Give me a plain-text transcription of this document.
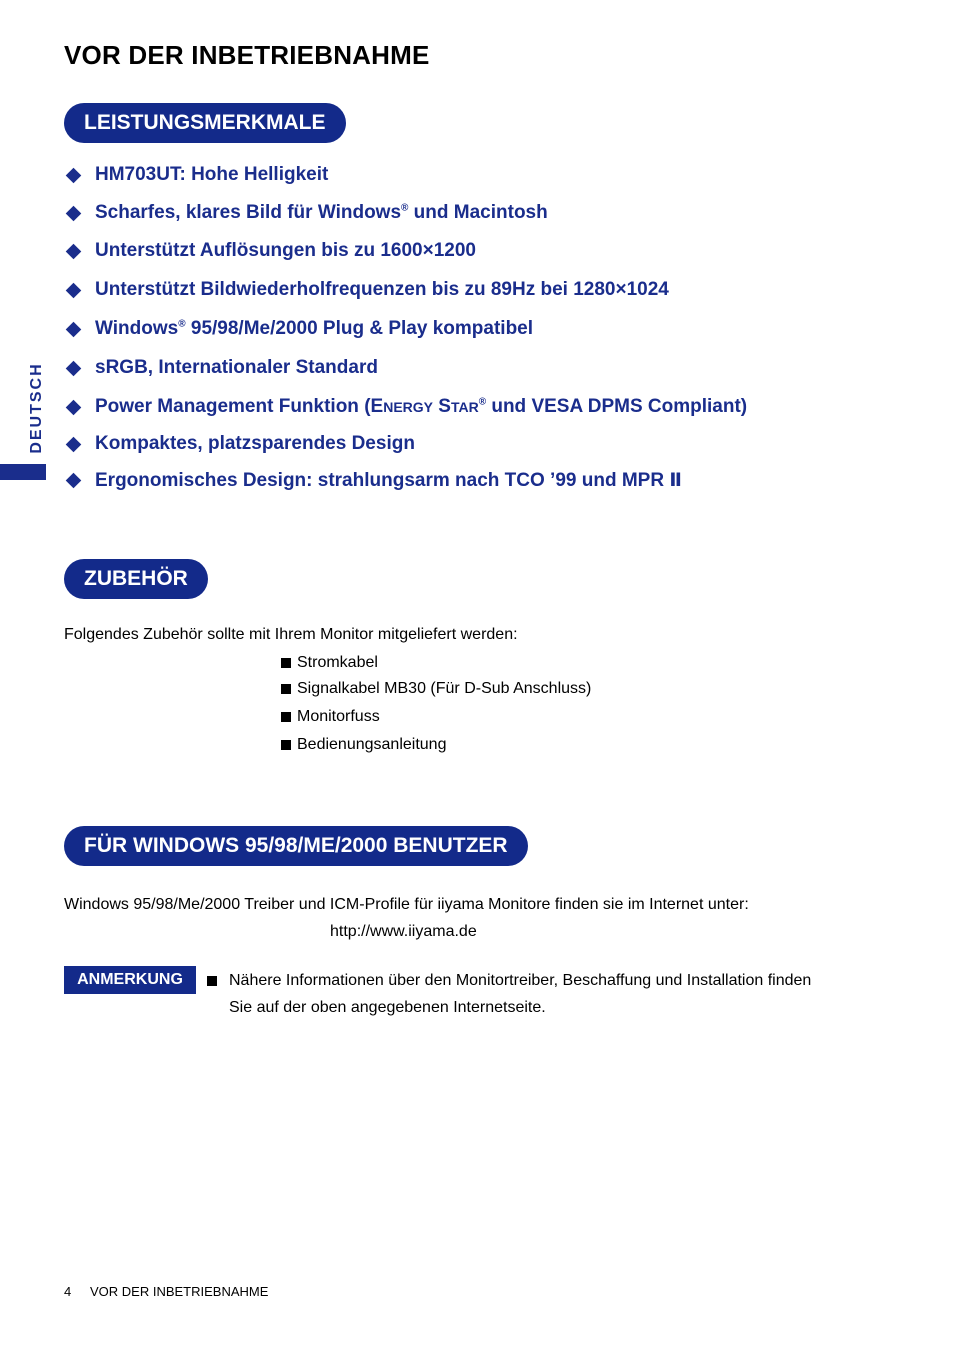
VOR DER INBETRIEBNAHME
LEISTUNGSMERKMALE
HM703UT: Hohe Helligkeit
Scharfes, klares Bild für Windows® und Macintosh
Unterstützt Auflösungen bis zu 1600×1200
Unterstützt Bildwiederholfrequenzen bis zu 89Hz bei 1280×1024
Windows® 95/98/Me/2000 Plug & Play kompatibel
sRGB, Internationaler Standard
Power Management Funktion (ENERGY STAR® und VESA DPMS Compliant)
Kompaktes, platzsparendes Design
Ergonomisches Design: strahlungsarm nach TCO ’99 und MPR Ⅱ
DEUTSCH
ZUBEHÖR
Folgendes Zubehör sollte mit Ihrem Monitor mitgeliefert werden:
Stromkabel
Signalkabel MB30 (Für D-Sub Anschluss)
Monitorfuss
Bedienungsanleitung
FÜR WINDOWS 95/98/ME/2000 BENUTZER
Windows 95/98/Me/2000 Treiber und ICM-Profile für iiyama Monitore finden sie im Internet unter:
http://www.iiyama.de
ANMERKUNG	Nähere Informationen über den Monitortreiber, Beschaffung und Installation finden
Sie auf der oben angegebenen Internetseite.
4 VOR DER INBETRIEBNAHME
